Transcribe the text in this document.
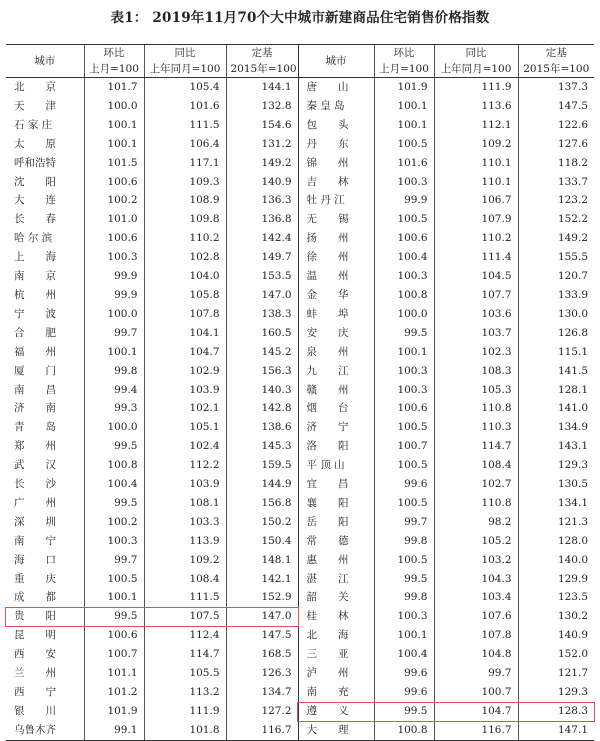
表1： 2019年11月70个大中城市新建商品住宅销售价格指数
城市	环比	同比	定基	城市	环比	同比	定基
	上月=100	上年同月=100	2015年=100		上月=100	上年同月=100	2015年=100
北　　京	101.7	105.4	144.1	唐　　山	101.9	111.9	137.3
天　　津	100.0	101.6	132.8	秦 皇 岛	100.1	113.6	147.5
石 家 庄	100.1	111.5	154.6	包　　头	100.1	112.1	122.6
太　　原	100.1	106.4	131.2	丹　　东	100.5	109.2	127.6
呼和浩特	101.5	117.1	149.2	锦　　州	101.6	110.1	118.2
沈　　阳	100.6	109.3	140.9	吉　　林	100.3	110.1	133.7
大　　连	100.2	108.9	136.3	牡 丹 江	99.9	106.7	123.2
长　　春	101.0	109.8	136.8	无　　锡	100.5	107.9	152.2
哈 尔 滨	100.6	110.2	142.4	扬　　州	100.6	110.2	149.2
上　　海	100.3	102.8	149.7	徐　　州	100.4	111.4	155.5
南　　京	99.9	104.0	153.5	温　　州	100.3	104.5	120.7
杭　　州	99.9	105.8	147.0	金　　华	100.8	107.7	133.9
宁　　波	100.0	107.8	138.3	蚌　　埠	100.0	103.6	130.0
合　　肥	99.7	104.1	160.5	安　　庆	99.5	103.7	126.8
福　　州	100.1	104.7	145.2	泉　　州	100.1	102.3	115.1
厦　　门	99.8	102.9	156.3	九　　江	100.3	108.3	141.5
南　　昌	99.4	103.9	140.3	赣　　州	100.3	105.3	128.1
济　　南	99.3	102.1	142.8	烟　　台	100.6	110.8	141.0
青　　岛	100.0	105.1	138.6	济　　宁	100.5	110.3	134.9
郑　　州	99.5	102.4	145.3	洛　　阳	100.7	114.7	143.1
武　　汉	100.8	112.2	159.5	平 顶 山	100.5	108.4	129.3
长　　沙	100.4	103.9	144.9	宜　　昌	99.6	102.7	130.5
广　　州	99.5	108.1	156.8	襄　　阳	100.5	110.8	134.1
深　　圳	100.2	103.3	150.2	岳　　阳	99.7	98.2	121.3
南　　宁	100.3	113.9	150.4	常　　德	99.8	105.2	128.0
海　　口	99.7	109.2	148.1	惠　　州	100.5	103.2	140.0
重　　庆	100.5	108.4	142.1	湛　　江	99.5	104.3	129.9
成　　都	100.1	111.5	152.9	韶　　关	99.8	103.4	123.5
贵　　阳	99.5	107.5	147.0	桂　　林	100.3	107.6	130.2
昆　　明	100.6	112.4	147.5	北　　海	100.1	107.8	140.9
西　　安	100.7	114.7	168.5	三　　亚	100.4	104.8	152.0
兰　　州	101.1	105.5	126.3	泸　　州	99.6	99.7	121.7
西　　宁	101.2	113.2	134.7	南　　充	99.6	100.7	129.3
银　　川	101.9	111.9	127.2	遵　　义	99.5	104.7	128.3
乌鲁木齐	99.1	101.8	116.7	大　　理	100.8	116.7	147.1
